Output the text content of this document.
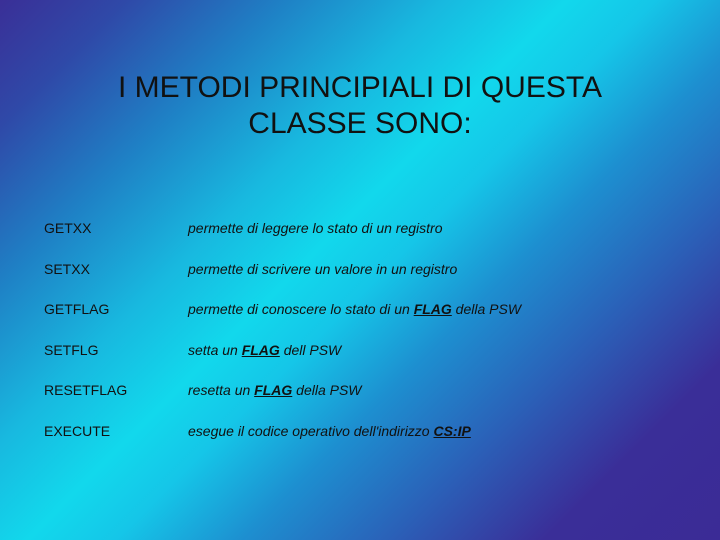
I METODI PRINCIPIALI DI QUESTA
CLASSE SONO:
GETXX	permette di leggere lo stato di un registro
SETXX	permette di scrivere un valore in un registro
GETFLAG	permette di conoscere lo stato di un FLAG della PSW
SETFLG	setta un FLAG dell PSW
RESETFLAG	resetta un FLAG della PSW
EXECUTE	esegue il codice operativo dell'indirizzo CS:IP
